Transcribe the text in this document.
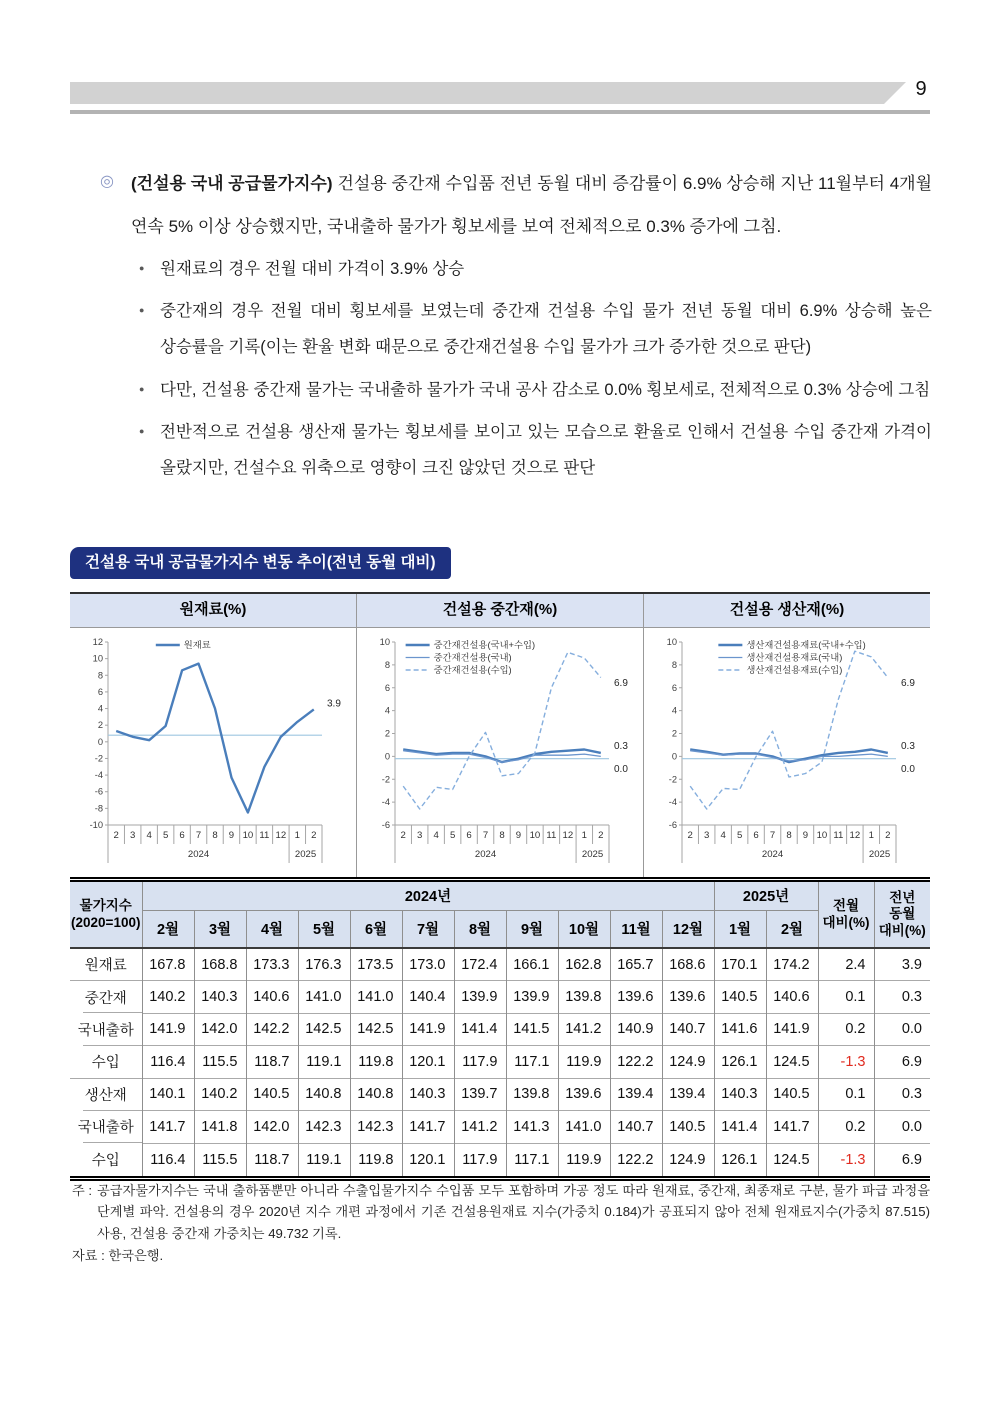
9
◎ (건설용 국내 공급물가지수) 건설용 중간재 수입품 전년 동월 대비 증감률이 6.9% 상승해 지난 11월부터 4개월 연속 5% 이상 상승했지만, 국내출하 물가가 횡보세를 보여 전체적으로 0.3% 증가에 그침.
● 원재료의 경우 전월 대비 가격이 3.9% 상승
● 중간재의 경우 전월 대비 횡보세를 보였는데 중간재 건설용 수입 물가 전년 동월 대비 6.9% 상승해 높은 상승률을 기록(이는 환율 변화 때문으로 중간재건설용 수입 물가가 크가 증가한 것으로 판단)
● 다만, 건설용 중간재 물가는 국내출하 물가가 국내 공사 감소로 0.0% 횡보세로, 전체적으로 0.3% 상승에 그침
● 전반적으로 건설용 생산재 물가는 횡보세를 보이고 있는 모습으로 환율로 인해서 건설용 수입 중간재 가격이 올랐지만, 건설수요 위축으로 영향이 크진 않았던 것으로 판단
건설용 국내 공급물가지수 변동 추이(전년 동월 대비)
원재료(%)	건설용 중간재(%)	건설용 생산재(%)
-10
-8
-6
-4
-2
0
2
4
6
8
10
12
2 3 4 5 6 7 8 9 10 11 12 1 2
2024	2025
3.9
원재료
-6
-4
-2
0
2
4
6
8
10
2 3 4 5 6 7 8 9 10 11 12 1 2
2024	2025
0.3
0.0
6.9
중간재건설용(국내+수입)
중간재건설용(국내)
중간재건설용(수입)
-6
-4
-2
0
2
4
6
8
10
2 3 4 5 6 7 8 9 10 11 12 1 2
2024	2025
0.3
0.0
6.9
생산재건설용재료(국내+수입)
생산재건설용재료(국내)
생산재건설용재료(수입)
물가지수
(2020=100)	2024년											2025년		전월
대비(%)	전년
동월
대비(%)
	2월	3월	4월	5월	6월	7월	8월	9월	10월	11월	12월	1월	2월		
원재료	167.8	168.8	173.3	176.3	173.5	173.0	172.4	166.1	162.8	165.7	168.6	170.1	174.2	2.4	3.9
중간재	140.2	140.3	140.6	141.0	141.0	140.4	139.9	139.9	139.8	139.6	139.6	140.5	140.6	0.1	0.3
국내출하	141.9	142.0	142.2	142.5	142.5	141.9	141.4	141.5	141.2	140.9	140.7	141.6	141.9	0.2	0.0
수입	116.4	115.5	118.7	119.1	119.8	120.1	117.9	117.1	119.9	122.2	124.9	126.1	124.5	-1.3	6.9
생산재	140.1	140.2	140.5	140.8	140.8	140.3	139.7	139.8	139.6	139.4	139.4	140.3	140.5	0.1	0.3
국내출하	141.7	141.8	142.0	142.3	142.3	141.7	141.2	141.3	141.0	140.7	140.5	141.4	141.7	0.2	0.0
수입	116.4	115.5	118.7	119.1	119.8	120.1	117.9	117.1	119.9	122.2	124.9	126.1	124.5	-1.3	6.9
주 : 공급자물가지수는 국내 출하품뿐만 아니라 수출입물가지수 수입품 모두 포함하며 가공 정도 따라 원재료, 중간재, 최종재로 구분, 물가 파급 과정을 단계별 파악. 건설용의 경우 2020년 지수 개편 과정에서 기존 건설용원재료 지수(가중치 0.184)가 공표되지 않아 전체 원재료지수(가중치 87.515) 사용, 건설용 중간재 가중치는 49.732 기록.
자료 : 한국은행.
